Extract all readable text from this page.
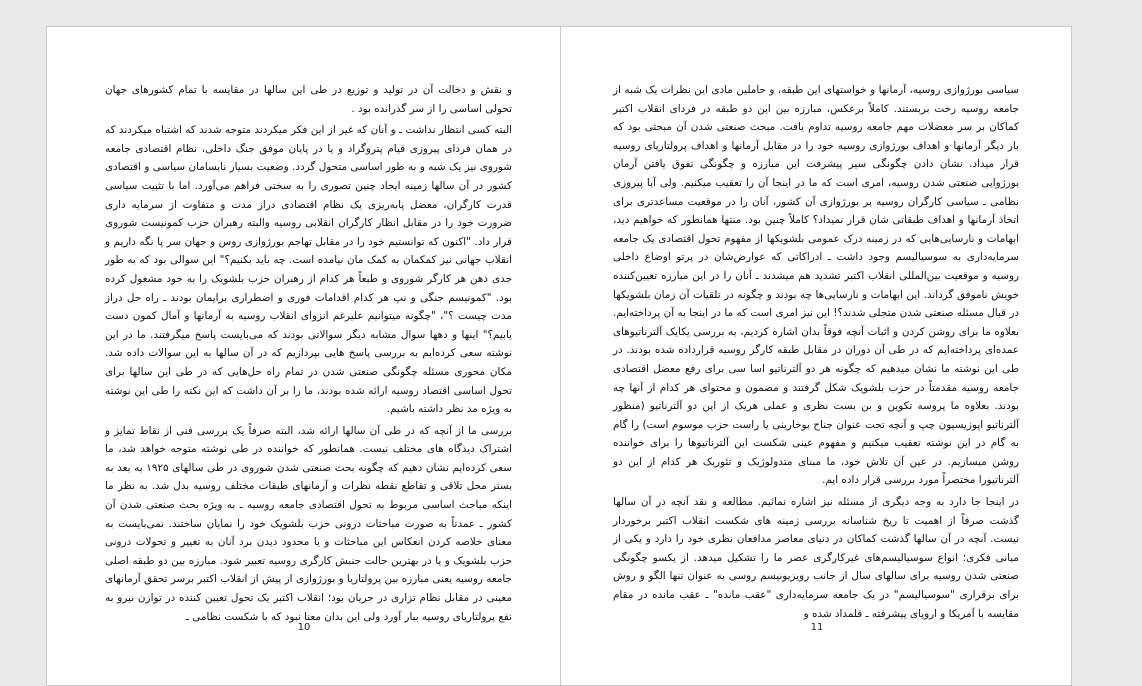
و نقش و دخالت آن در تولید و توزیع در طی این سالها در مقایسه با تمام کشورهای جهان تحولی اساسی را از سر گذرانده بود .

البته کسی انتظار نداشت ـ و آنان که غیر از این فکر میکردند متوجه شدند که اشتباه میکردند که در همان فردای پیروزی قیام پتروگراد و یا در پایان موفق جنگ داخلی، نظام اقتصادی جامعه شوروی نیز یک شبه و به طور اساسی متحول گردد. وضعیت بسیار نابسامان سیاسی و اقتصادی کشور در آن سالها زمینه ایجاد چنین تصوری را به سختی فراهم می‌آورد. اما با تثبیت سیاسی قدرت کارگران، معضل پابه‌ریزی یک نظام اقتصادی دراز مدت و متفاوت از سرمایه داری ضرورت خود را در مقابل انظار کارگران انقلابی روسیه والبته رهبران حزب کمونیست شوروی قرار داد. "اکنون که توانستیم خود را در مقابل تهاجم بورژوازی روس و جهان سر پا نگه داریم و انقلاب جهانی نیز کمکمان به کمک مان نیامده است. چه باید بکنیم؟" این سوالی بود که به طور جدی ذهن هر کارگر شوروی و طبعاً هر کدام از رهبران حزب بلشویک را به خود مشغول کرده بود. "کمونیسم جنگی و نپ هر کدام اقدامات فوری و اضطراری برایمان بودند ـ راه حل دراز مدت چیست ؟"، "چگونه میتوانیم علیرغم انزوای انقلاب روسیه به آرمانها و آمال کمون دست یابیم؟" اینها و دهها سوال مشابه دیگر سوالاتی بودند که می‌بایست پاسخ میگرفتند. ما در این نوشته سعی کرده‌ایم به بررسی پاسخ هایی بپردازیم که در آن سالها به این سوالات داده شد. مکان محوری مسئله چگونگی صنعتی شدن در تمام راه حل‌هایی که در طی این سالها برای تحول اساسی اقتصاد روسیه ارائه شده بودند، ما را بر آن داشت که این نکته را طی این نوشته به ویژه مد نظر داشته باشیم.

بررسی ما از آنچه که در طی آن سالها ارائه شد، البته صرفاً یک بررسی فنی از نقاط تمایز و اشتراک دیدگاه های مختلف نیست. همانطور که خواننده در طی نوشته متوجه خواهد شد، ما سعی کرده‌ایم نشان دهیم که چگونه بحث صنعتی شدن شوروی در طی سالهای ۱۹۲۵ به بعد به بستر محل تلاقی و تقاطع نقطه نظرات و آرمانهای طبقات مختلف روسیه بدل شد. به نظر ما اینکه مباحث اساسی مربوط به تحول اقتصادی جامعه روسیه ـ به ویژه بحث صنعتی شدن آن کشور ـ عمدتاً به صورت مباحثات درونی حزب بلشویک خود را نمایان ساختند. نمی‌بایست به معنای خلاصه کردن انعکاس این مباحثات و یا محدود دیدن برد آنان به تغییر و تحولات درونی حزب بلشویک و یا در بهترین حالت جنبش کارگری روسیه تعبیر شود. مبارزه بین دو طبقه اصلی جامعه روسیه یعنی مبارزه بین پرولتاریا و بورژوازی از پیش از انقلاب اکتبر برسر تحقق آرمانهای معینی در مقابل نظام تزاری در جریان بود؛ انقلاب اکتبر یک تحول تعیین کننده در توازن نیرو به نفع پرولتاریای روسیه ببار آورد ولی این بدان معنا نبود که با شکست نظامی ـ

10

سیاسی بورژوازی روسیه، آرمانها و خواستهای این طبقه، و حاملین مادی این نظرات یک شبه از جامعه روسیه رخت بربستند. کاملاً برعکس، مبارزه بین این دو طبقه در فردای انقلاب اکتبر کماکان بر سر معضلات مهم جامعه روسیه تداوم یافت. مبحث صنعتی شدن آن مبحثی بود که بار دیگر آرمانها و اهداف بورژوازی روسیه خود را در مقابل آرمانها و اهداف پرولتاریای روسیه قرار میداد. نشان دادن چگونگی سیر پیشرفت این مبارزه و چگونگی تفوق یافتن آرمان بورژوایی صنعتی شدن روسیه، امری است که ما در اینجا آن را تعقیب میکنیم. ولی آیا پیروزی نظامی ـ سیاسی کارگران روسیه بر بورژوازی آن کشور، آنان را در موقعیت مساعدتری برای اتخاذ آرمانها و اهداف طبقاتی شان قرار نمیداد؟ کاملاً چنین بود. منتها همانطور که خواهیم دید، ابهامات و نارسایی‌هایی که در زمینه درک عمومی بلشویکها از مفهوم تحول اقتصادی یک جامعه سرمایه‌داری به سوسیالیسم وجود داشت ـ ادراکاتی که عوارض‌شان در پرتو اوضاع داخلی روسیه و موقعیت بین‌المللی انقلاب اکتبر تشدید هم میشدند ـ آنان را در این مبارزه تعیین‌کننده خویش ناموفق گرداند. این ابهامات و نارسایی‌ها چه بودند و چگونه در تلقیات آن زمان بلشویکها در قبال مسئله صنعتی شدن متجلی شدند؟! این نیز امری است که ما در اینجا به آن پرداخته‌ایم. بعلاوه ما برای روشن کردن و اثبات آنچه فوقاً بدان اشاره کردیم، به بررسی یکایک آلترناتیوهای عمده‌ای پرداخته‌ایم که در طی آن دوران در مقابل طبقه کارگر روسیه قرارداده شده بودند. در طی این نوشته ما نشان میدهیم که چگونه هر دو آلترناتیو اسا سی برای رفع معضل اقتصادی جامعه روسیه مقدمتاً در حزب بلشویک شکل گرفتند و مضمون و محتوای هر کدام از آنها چه بودند. بعلاوه ما پروسه تکوین و بن بست نظری و عملی هریک از این دو آلترناتیو (منظور آلترناتیو اپوزیسیون چپ و آنچه تحت عنوان جناح بوخارینی یا راست حزب موسوم است) را گام به گام در این نوشته تعقیب میکنیم و مفهوم عینی شکست این آلترناتیوها را برای خواننده روشن میسازیم. در عین آن تلاش خود، ما مبنای متدولوژیک و تئوریک هر کدام از این دو آلترناتیورا مختصراً مورد بررسی قرار داده ایم.

در اینجا جا دارد به وجه دیگری از مسئله نیز اشاره نمائیم. مطالعه و نقد آنچه در آن سالها گذشت صرفاً از اهمیت تا ریخ شناسانه بررسی زمینه های شکست انقلاب اکتبر برخوردار نیست. آنچه در آن سالها گذشت کماکان در دنیای معاصر مدافعان نظری خود را دارد و یکی از مبانی فکری؛ انواع سوسیالیسم‌های غیرکارگری عصر ما را تشکیل میدهد. از یکسو چگونگی صنعتی شدن روسیه برای سالهای سال از جانب رویزیونیسم روسی به عنوان تنها الگو و روش برای برقراری "سوسیالیسم" در یک جامعه سرمایه‌داری "عقب مانده" ـ عقب مانده در مقام مقایسه با آمریکا و اروپای پیشرفته ـ قلمداد شده و

11
